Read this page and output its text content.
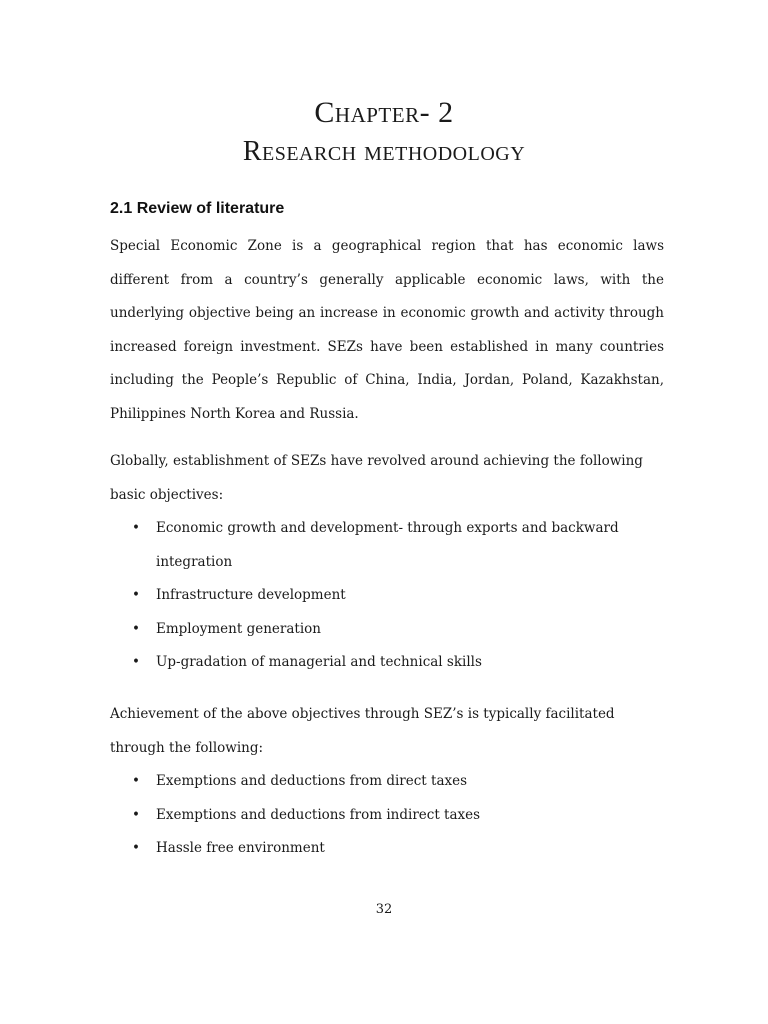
Chapter- 2
Research methodology
2.1 Review of literature

Special Economic Zone is a geographical region that has economic laws different from a country’s generally applicable economic laws, with the underlying objective being an increase in economic growth and activity through increased foreign investment. SEZs have been established in many countries including the People’s Republic of China, India, Jordan, Poland, Kazakhstan, Philippines North Korea and Russia.

Globally, establishment of SEZs have revolved around achieving the following basic objectives:

• Economic growth and development- through exports and backward integration
• Infrastructure development
• Employment generation
• Up-gradation of managerial and technical skills

Achievement of the above objectives through SEZ’s is typically facilitated through the following:

• Exemptions and deductions from direct taxes
• Exemptions and deductions from indirect taxes
• Hassle free environment
32
